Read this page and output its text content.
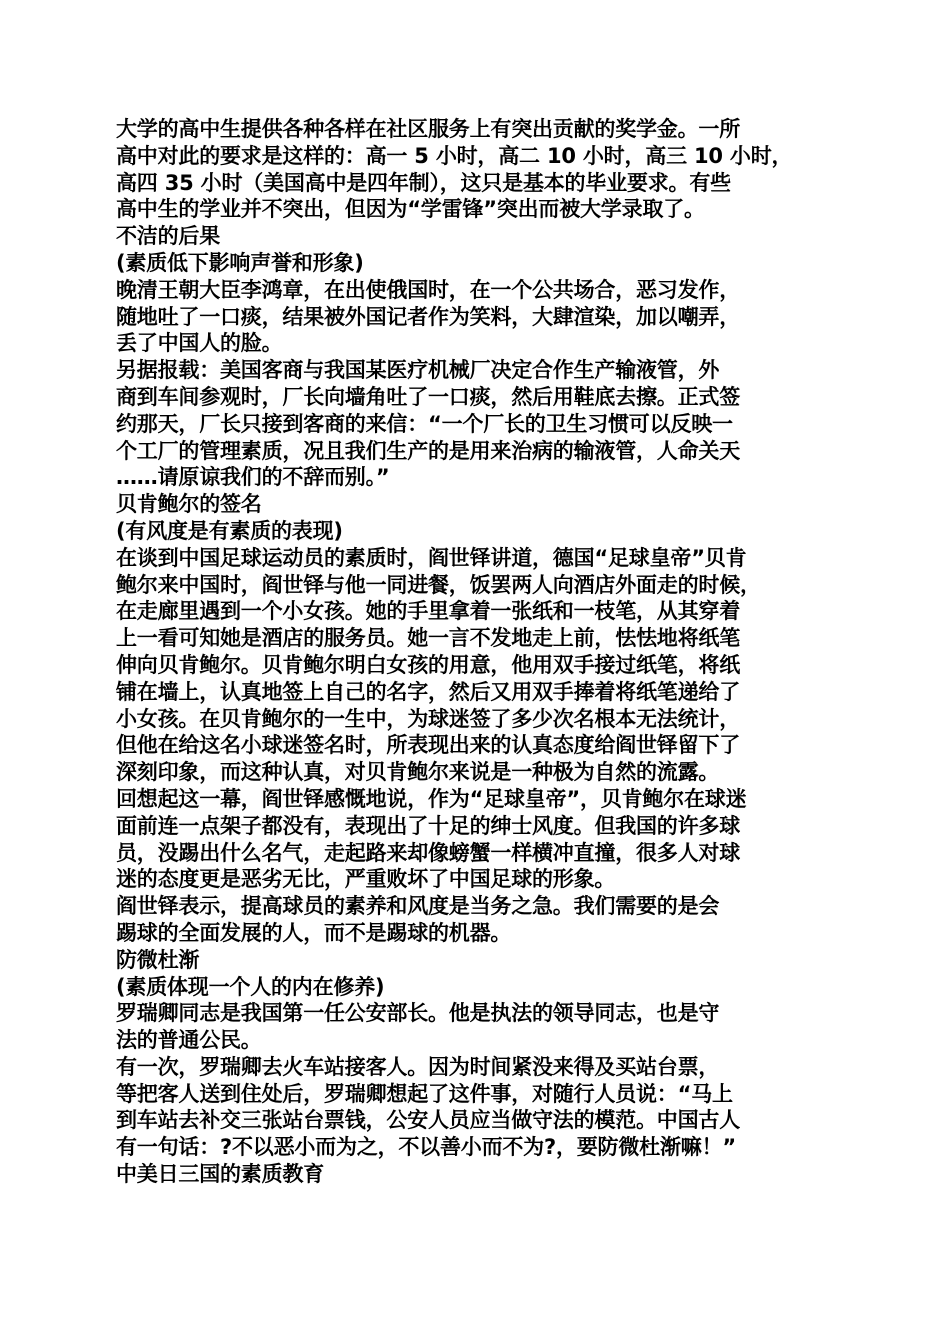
大学的高中生提供各种各样在社区服务上有突出贡献的奖学金。一所
高中对此的要求是这样的：高一 5 小时，高二 10 小时，高三 10 小时，
高四 35 小时（美国高中是四年制），这只是基本的毕业要求。有些
高中生的学业并不突出，但因为“学雷锋”突出而被大学录取了。
不洁的后果
(素质低下影响声誉和形象)
晚清王朝大臣李鸿章，在出使俄国时，在一个公共场合，恶习发作，
随地吐了一口痰，结果被外国记者作为笑料，大肆渲染，加以嘲弄，
丢了中国人的脸。
另据报载：美国客商与我国某医疗机械厂决定合作生产输液管，外
商到车间参观时，厂长向墙角吐了一口痰，然后用鞋底去擦。正式签
约那天，厂长只接到客商的来信：“一个厂长的卫生习惯可以反映一
个工厂的管理素质，况且我们生产的是用来治病的输液管，人命关天
……请原谅我们的不辞而别。”
贝肯鲍尔的签名
(有风度是有素质的表现)
在谈到中国足球运动员的素质时，阎世铎讲道，德国“足球皇帝”贝肯
鲍尔来中国时，阎世铎与他一同进餐，饭罢两人向酒店外面走的时候，
在走廊里遇到一个小女孩。她的手里拿着一张纸和一枝笔，从其穿着
上一看可知她是酒店的服务员。她一言不发地走上前，怯怯地将纸笔
伸向贝肯鲍尔。贝肯鲍尔明白女孩的用意，他用双手接过纸笔，将纸
铺在墙上，认真地签上自己的名字，然后又用双手捧着将纸笔递给了
小女孩。在贝肯鲍尔的一生中，为球迷签了多少次名根本无法统计，
但他在给这名小球迷签名时，所表现出来的认真态度给阎世铎留下了
深刻印象，而这种认真，对贝肯鲍尔来说是一种极为自然的流露。
回想起这一幕，阎世铎感慨地说，作为“足球皇帝”，贝肯鲍尔在球迷
面前连一点架子都没有，表现出了十足的绅士风度。但我国的许多球
员，没踢出什么名气，走起路来却像螃蟹一样横冲直撞，很多人对球
迷的态度更是恶劣无比，严重败坏了中国足球的形象。
阎世铎表示，提高球员的素养和风度是当务之急。我们需要的是会
踢球的全面发展的人，而不是踢球的机器。
防微杜渐
(素质体现一个人的内在修养)
罗瑞卿同志是我国第一任公安部长。他是执法的领导同志，也是守
法的普通公民。
有一次，罗瑞卿去火车站接客人。因为时间紧没来得及买站台票，
等把客人送到住处后，罗瑞卿想起了这件事，对随行人员说：“马上
到车站去补交三张站台票钱，公安人员应当做守法的模范。中国古人
有一句话：?不以恶小而为之，不以善小而不为?，要防微杜渐嘛！”
中美日三国的素质教育
